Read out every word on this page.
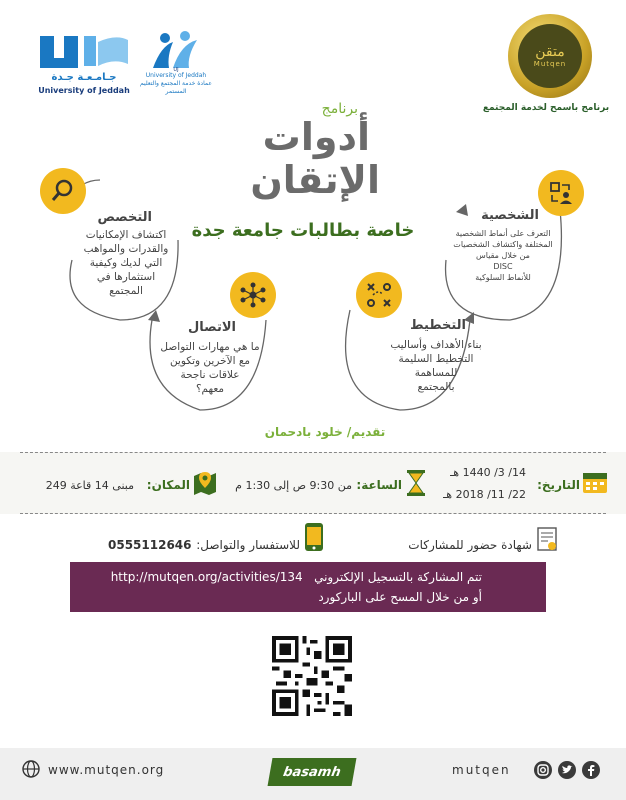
جـامـعـة جـدة
University of Jeddah
UJ
University of Jeddah
عمادة خدمة المجتمع والتعليم المستمر
متقن
Mutqen
برنامج باسمح لخدمة المجتمع
برنامج
أدوات
الإتقان
خاصة بطالبات جامعة جدة
التخصص
اكتشاف الإمكانيات
والقدرات والمواهب
التي لديك وكيفية
استثمارها في
المجتمع
الشخصية
التعرف على أنماط الشخصية
المختلفة واكتشاف الشخصيات
من خلال مقياس
DISC
للأنماط السلوكية
الاتصال
ما هي مهارات التواصل
مع الآخرين وتكوين
علاقات ناجحة
معهم؟
التخطيط
بناء الأهداف وأساليب
التخطيط السليمة
للمساهمة
بالمجتمع
تقديم/ خلود بادحمان
التاريخ:
14/ 3/ 1440 هـ
22/ 11/ 2018 هـ
الساعة:
من 9:30 ص إلى 1:30 م
المكان:
مبنى 14 قاعة 249
شهادة حضور للمشاركات
للاستفسار والتواصل:
0555112646
تتم المشاركة بالتسجيل الإلكتروني   http://mutqen.org/activities/134
أو من خلال المسح على الباركورد
www.mutqen.org	basamh	mutqen
